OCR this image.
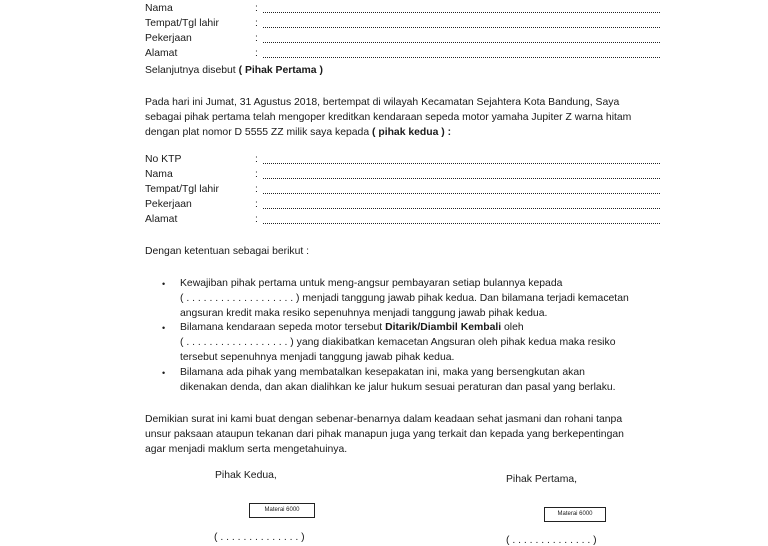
Nama	:
Tempat/Tgl lahir	:
Pekerjaan	:
Alamat	:
Selanjutnya disebut ( Pihak Pertama )
Pada hari ini Jumat, 31 Agustus 2018, bertempat di wilayah Kecamatan Sejahtera Kota Bandung, Saya
sebagai pihak pertama telah mengoper kreditkan kendaraan sepeda motor yamaha Jupiter Z warna hitam
dengan plat nomor D 5555 ZZ milik saya kepada ( pihak kedua ) :
No KTP	:
Nama	:
Tempat/Tgl lahir	:
Pekerjaan	:
Alamat	:
Dengan ketentuan sebagai berikut :
• Kewajiban pihak pertama untuk meng-angsur pembayaran setiap bulannya kepada
( . . . . . . . . . . . . . . . . . . . ) menjadi tanggung jawab pihak kedua. Dan bilamana terjadi kemacetan
angsuran kredit maka resiko sepenuhnya menjadi tanggung jawab pihak kedua.
• Bilamana kendaraan sepeda motor tersebut Ditarik/Diambil Kembali oleh
( . . . . . . . . . . . . . . . . . . ) yang diakibatkan kemacetan Angsuran oleh pihak kedua maka resiko
tersebut sepenuhnya menjadi tanggung jawab pihak kedua.
• Bilamana ada pihak yang membatalkan kesepakatan ini, maka yang bersengkutan akan
dikenakan denda, dan akan dialihkan ke jalur hukum sesuai peraturan dan pasal yang berlaku.
Demikian surat ini kami buat dengan sebenar-benarnya dalam keadaan sehat jasmani dan rohani tanpa
unsur paksaan ataupun tekanan dari pihak manapun juga yang terkait dan kepada yang berkepentingan
agar menjadi maklum serta mengetahuinya.
Pihak Kedua,	Pihak Pertama,
Materai 6000
Materai 6000
( . . . . . . . . . . . . . . )	( . . . . . . . . . . . . . . )
